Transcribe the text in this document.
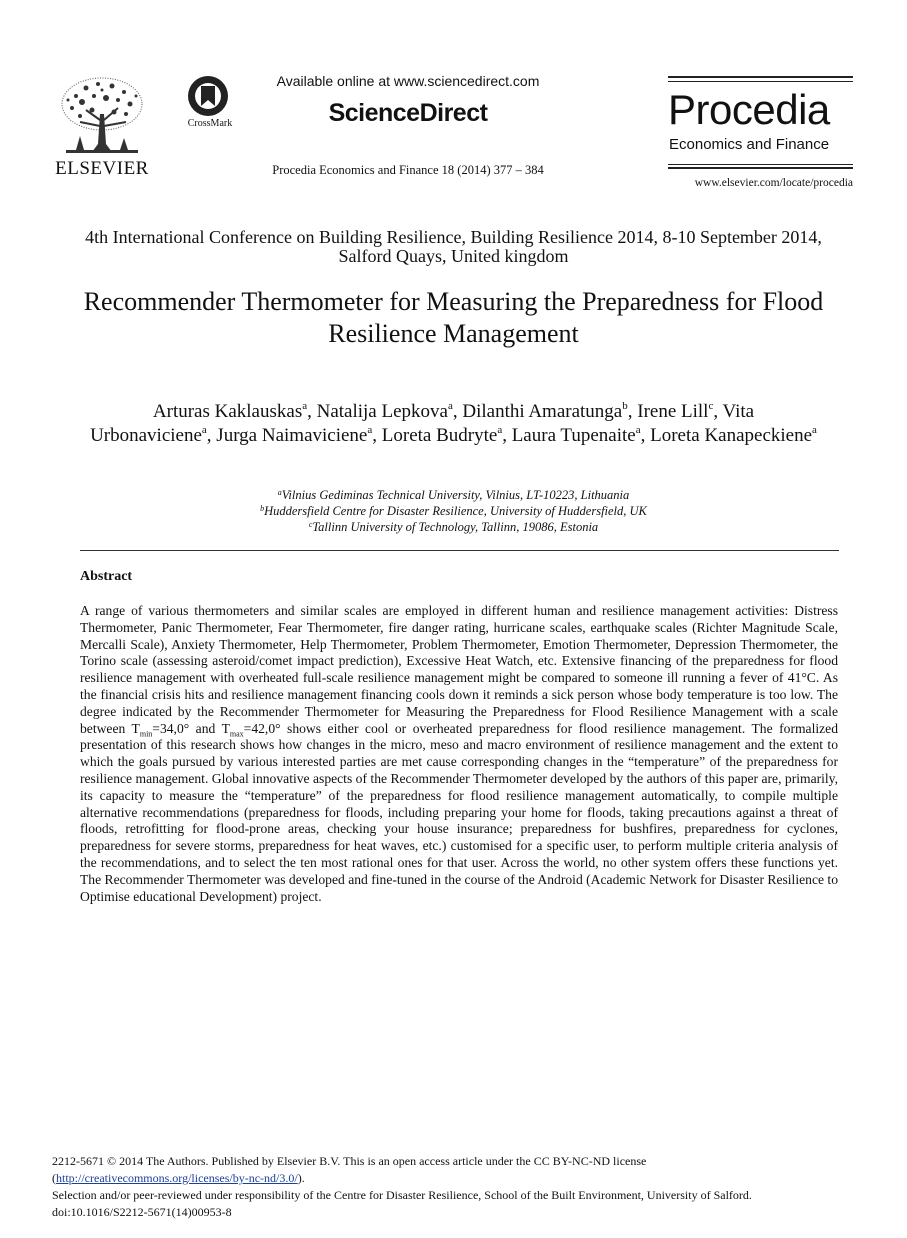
ELSEVIER
CrossMark
Available online at www.sciencedirect.com
ScienceDirect
Procedia Economics and Finance 18 (2014) 377 – 384
Procedia
Economics and Finance
www.elsevier.com/locate/procedia
4th International Conference on Building Resilience, Building Resilience 2014, 8-10 September 2014, Salford Quays, United kingdom
Recommender Thermometer for Measuring the Preparedness for Flood Resilience Management
Arturas Kaklauskas$^a$, Natalija Lepkova$^a$, Dilanthi Amaratunga$^b$, Irene Lill$^c$, Vita Urbonaviciene$^a$, Jurga Naimaviciene$^a$, Loreta Budryte$^a$, Laura Tupenaite$^a$, Loreta Kanapeckiene$^a$
$^a$Vilnius Gediminas Technical University, Vilnius, LT-10223, Lithuania
$^b$Huddersfield Centre for Disaster Resilience, University of Huddersfield, UK
$^c$Tallinn University of Technology, Tallinn, 19086, Estonia
Abstract
A range of various thermometers and similar scales are employed in different human and resilience management activities: Distress Thermometer, Panic Thermometer, Fear Thermometer, fire danger rating, hurricane scales, earthquake scales (Richter Magnitude Scale, Mercalli Scale), Anxiety Thermometer, Help Thermometer, Problem Thermometer, Emotion Thermometer, Depression Thermometer, the Torino scale (assessing asteroid/comet impact prediction), Excessive Heat Watch, etc. Extensive financing of the preparedness for flood resilience management with overheated full-scale resilience management might be compared to someone ill running a fever of 41°C. As the financial crisis hits and resilience management financing cools down it reminds a sick person whose body temperature is too low. The degree indicated by the Recommender Thermometer for Measuring the Preparedness for Flood Resilience Management with a scale between $T_{min}=34,0^\circ$ and $T_{max}=42,0^\circ$ shows either cool or overheated preparedness for flood resilience management. The formalized presentation of this research shows how changes in the micro, meso and macro environment of resilience management and the extent to which the goals pursued by various interested parties are met cause corresponding changes in the “temperature” of the preparedness for resilience management. Global innovative aspects of the Recommender Thermometer developed by the authors of this paper are, primarily, its capacity to measure the “temperature” of the preparedness for flood resilience management automatically, to compile multiple alternative recommendations (preparedness for floods, including preparing your home for floods, taking precautions against a threat of floods, retrofitting for flood-prone areas, checking your house insurance; preparedness for bushfires, preparedness for cyclones, preparedness for severe storms, preparedness for heat waves, etc.) customised for a specific user, to perform multiple criteria analysis of the recommendations, and to select the ten most rational ones for that user. Across the world, no other system offers these functions yet. The Recommender Thermometer was developed and fine-tuned in the course of the Android (Academic Network for Disaster Resilience to Optimise educational Development) project.
2212-5671 © 2014 The Authors. Published by Elsevier B.V. This is an open access article under the CC BY-NC-ND license
(http://creativecommons.org/licenses/by-nc-nd/3.0/).
Selection and/or peer-reviewed under responsibility of the Centre for Disaster Resilience, School of the Built Environment, University of Salford.
doi:10.1016/S2212-5671(14)00953-8
